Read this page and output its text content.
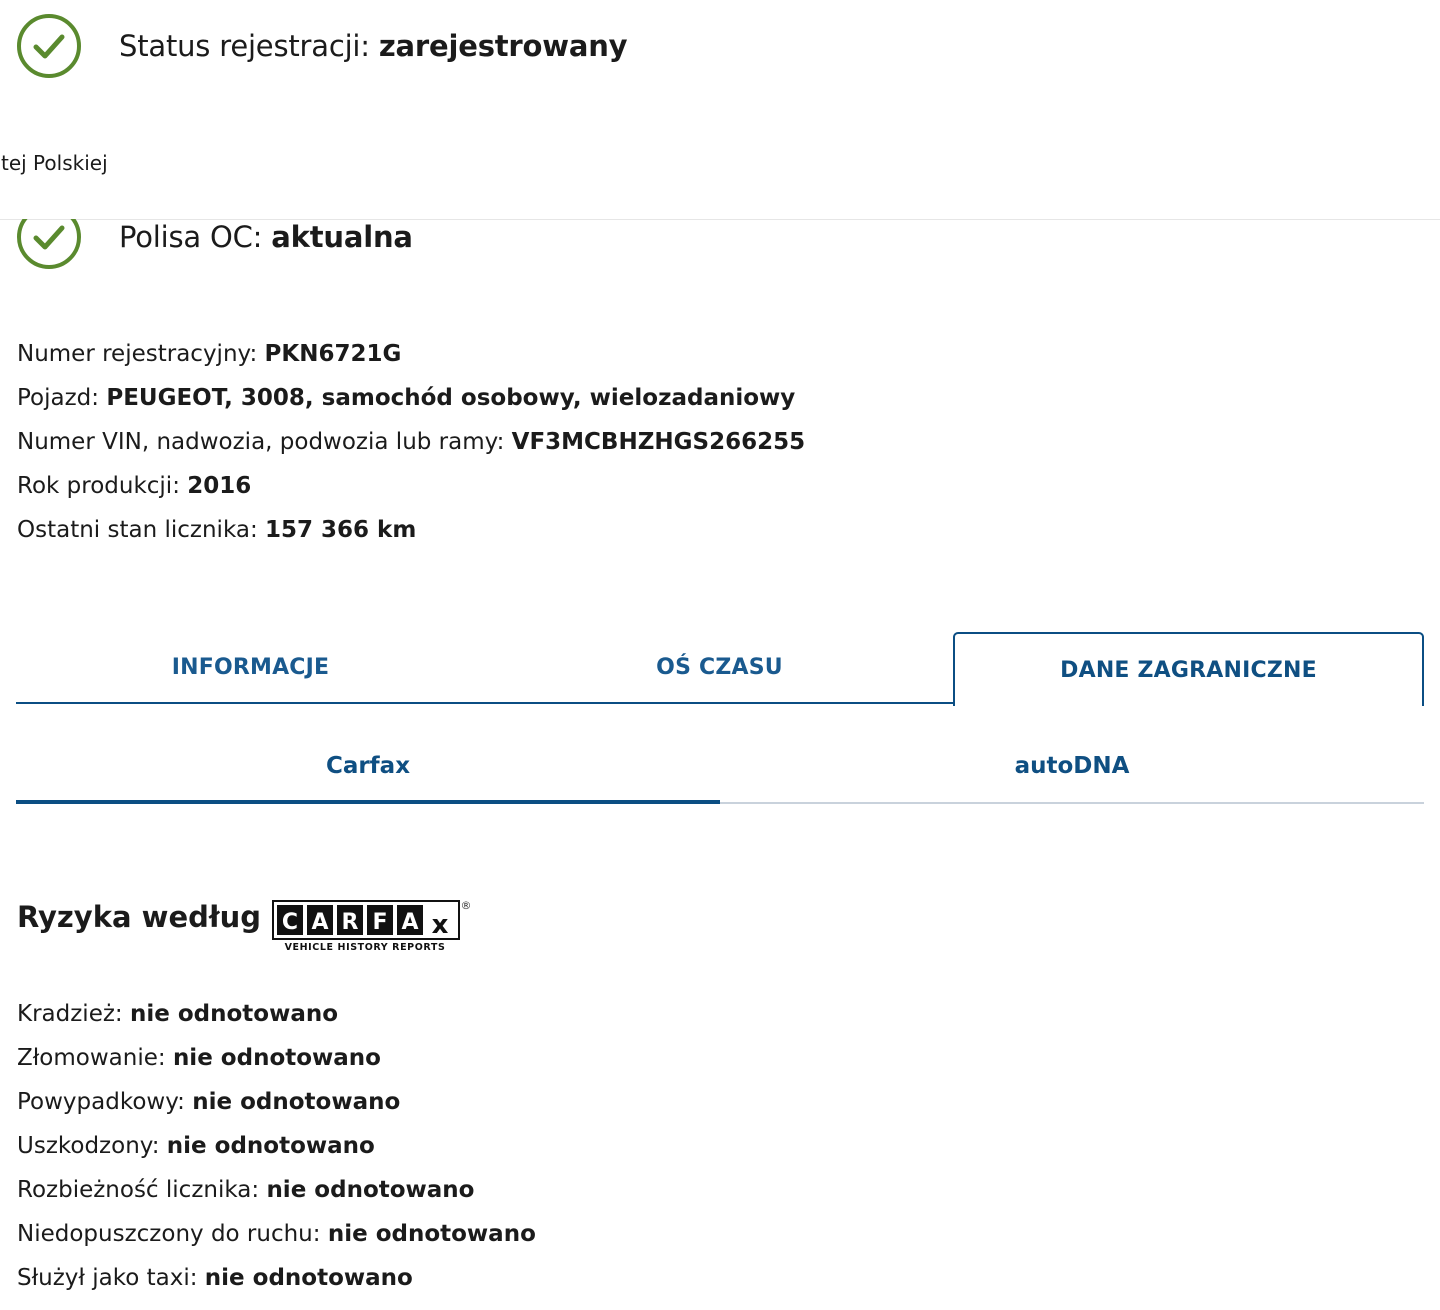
Status rejestracji: zarejestrowany
tej Polskiej
Polisa OC: aktualna
Numer rejestracyjny: PKN6721G
Pojazd: PEUGEOT, 3008, samochód osobowy, wielozadaniowy
Numer VIN, nadwozia, podwozia lub ramy: VF3MCBHZHGS266255
Rok produkcji: 2016
Ostatni stan licznika: 157 366 km
INFORMACJE	OŚ CZASU	DANE ZAGRANICZNE
Carfax	autoDNA
Ryzyka według C A R F A x
VEHICLE HISTORY REPORTS
®
Kradzież: nie odnotowano
Złomowanie: nie odnotowano
Powypadkowy: nie odnotowano
Uszkodzony: nie odnotowano
Rozbieżność licznika: nie odnotowano
Niedopuszczony do ruchu: nie odnotowano
Służył jako taxi: nie odnotowano
